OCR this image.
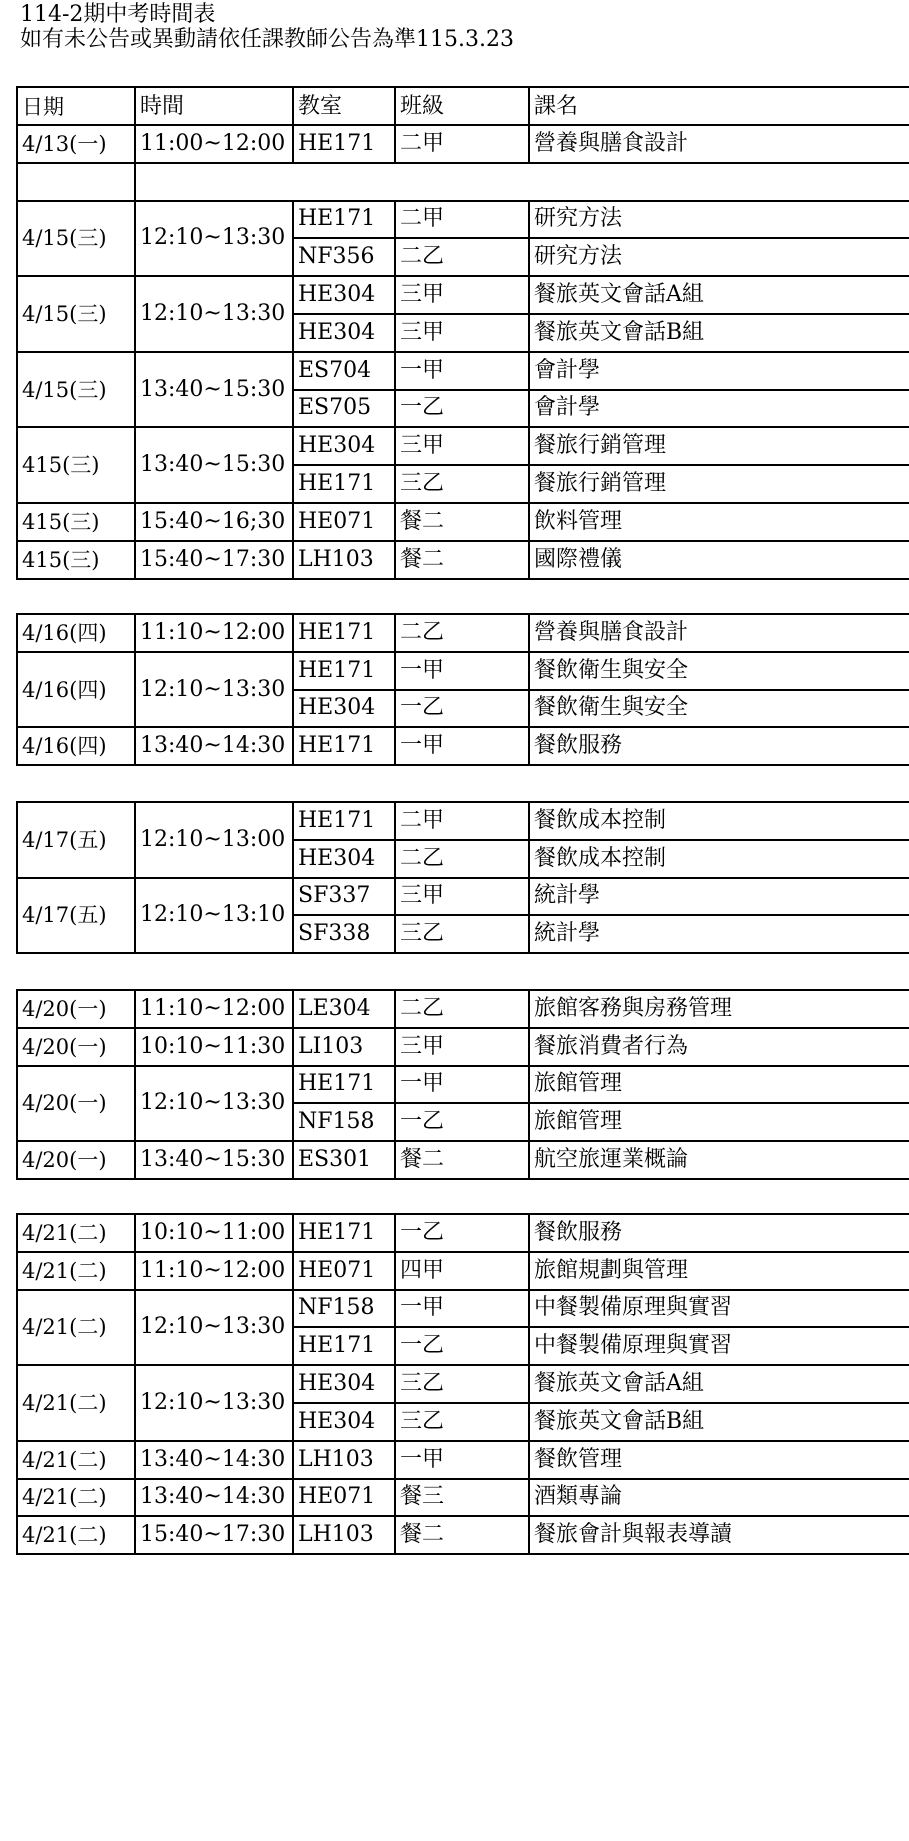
114-2期中考時間表
如有未公告或異動請依任課教師公告為準115.3.23
日期	時間	教室	班級	課名
4/13(一)	11:00~12:00	HE171	二甲	營養與膳食設計

4/15(三)	12:10~13:30	HE171	二甲	研究方法
		NF356	二乙	研究方法
4/15(三)	12:10~13:30	HE304	三甲	餐旅英文會話A組
		HE304	三甲	餐旅英文會話B組
4/15(三)	13:40~15:30	ES704	一甲	會計學
		ES705	一乙	會計學
415(三)	13:40~15:30	HE304	三甲	餐旅行銷管理
		HE171	三乙	餐旅行銷管理
415(三)	15:40~16;30	HE071	餐二	飲料管理
415(三)	15:40~17:30	LH103	餐二	國際禮儀
4/16(四)	11:10~12:00	HE171	二乙	營養與膳食設計
4/16(四)	12:10~13:30	HE171	一甲	餐飲衛生與安全
		HE304	一乙	餐飲衛生與安全
4/16(四)	13:40~14:30	HE171	一甲	餐飲服務
4/17(五)	12:10~13:00	HE171	二甲	餐飲成本控制
		HE304	二乙	餐飲成本控制
4/17(五)	12:10~13:10	SF337	三甲	統計學
		SF338	三乙	統計學
4/20(一)	11:10~12:00	LE304	二乙	旅館客務與房務管理
4/20(一)	10:10~11:30	LI103	三甲	餐旅消費者行為
4/20(一)	12:10~13:30	HE171	一甲	旅館管理
		NF158	一乙	旅館管理
4/20(一)	13:40~15:30	ES301	餐二	航空旅運業概論
4/21(二)	10:10~11:00	HE171	一乙	餐飲服務
4/21(二)	11:10~12:00	HE071	四甲	旅館規劃與管理
4/21(二)	12:10~13:30	NF158	一甲	中餐製備原理與實習
		HE171	一乙	中餐製備原理與實習
4/21(二)	12:10~13:30	HE304	三乙	餐旅英文會話A組
		HE304	三乙	餐旅英文會話B組
4/21(二)	13:40~14:30	LH103	一甲	餐飲管理
4/21(二)	13:40~14:30	HE071	餐三	酒類專論
4/21(二)	15:40~17:30	LH103	餐二	餐旅會計與報表導讀
